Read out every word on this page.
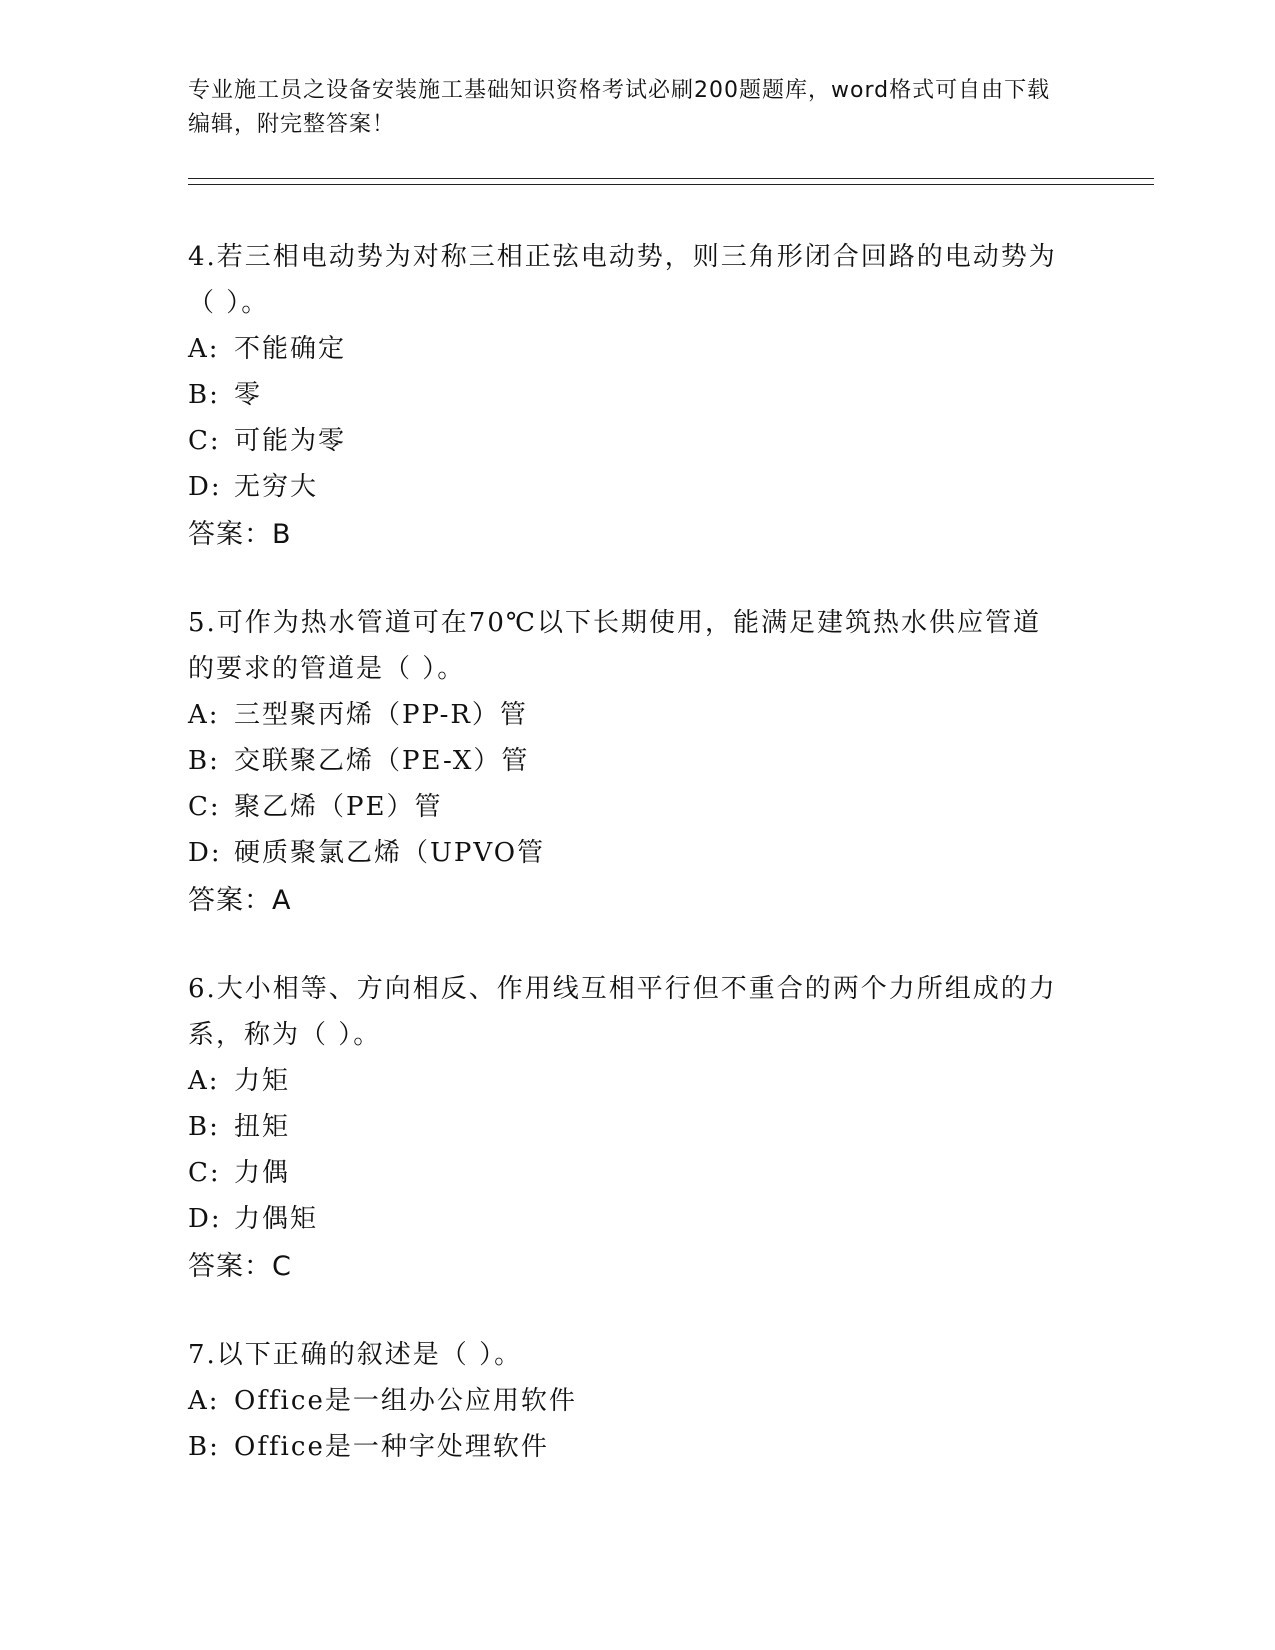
专业施工员之设备安装施工基础知识资格考试必刷200题题库，word格式可自由下载编辑，附完整答案！
4.若三相电动势为对称三相正弦电动势，则三角形闭合回路的电动势为（ ）。
A: 不能确定
B: 零
C: 可能为零
D: 无穷大
答案：B
5.可作为热水管道可在70℃以下长期使用，能满足建筑热水供应管道的要求的管道是（ ）。
A: 三型聚丙烯（PP-R）管
B: 交联聚乙烯（PE-X）管
C: 聚乙烯（PE）管
D: 硬质聚氯乙烯（UPVO管
答案：A
6.大小相等、方向相反、作用线互相平行但不重合的两个力所组成的力系，称为（ ）。
A: 力矩
B: 扭矩
C: 力偶
D: 力偶矩
答案：C
7.以下正确的叙述是（ ）。
A: Office是一组办公应用软件
B: Office是一种字处理软件
